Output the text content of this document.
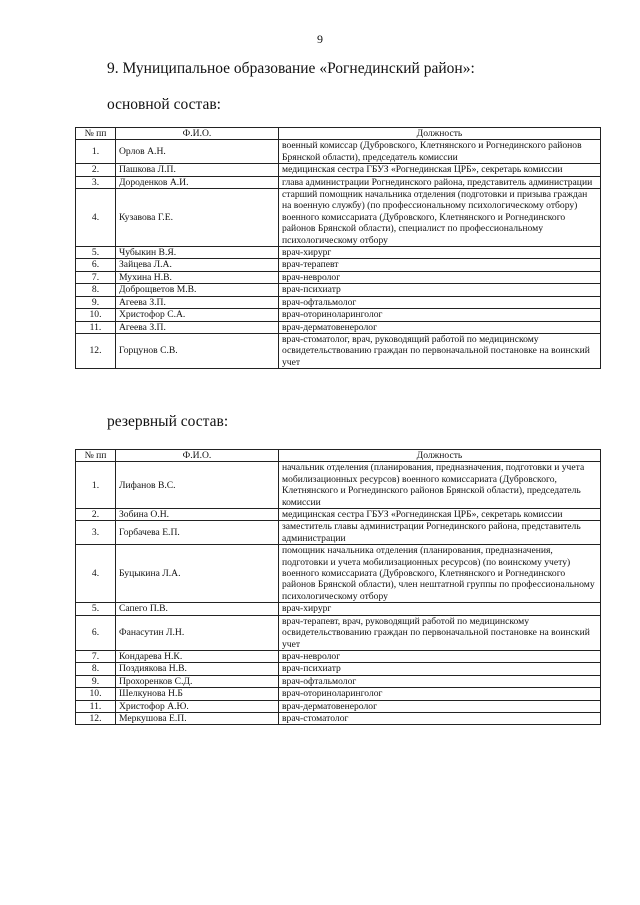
9
9. Муниципальное образование «Рогнединский район»:
основной состав:
№ пп	Ф.И.О.	Должность
1.	Орлов А.Н.	военный комиссар (Дубровского, Клетнянского и Рогнединского районов Брянской области), председатель комиссии
2.	Пашкова Л.П.	медицинская сестра ГБУЗ «Рогнединская ЦРБ», секретарь комиссии
3.	Дороденков А.И.	глава администрации Рогнединского района, представитель администрации
4.	Кузавова Г.Е.	старший помощник начальника отделения (подготовки и призыва граждан на военную службу) (по профессиональному психологическому отбору) военного комиссариата (Дубровского, Клетнянского и Рогнединского районов Брянской области), специалист по профессиональному психологическому отбору
5.	Чубыкин В.Я.	врач-хирург
6.	Зайцева Л.А.	врач-терапевт
7.	Мухина Н.В.	врач-невролог
8.	Доброщветов М.В.	врач-психиатр
9.	Агеева З.П.	врач-офтальмолог
10.	Христофор С.А.	врач-оториноларинголог
11.	Агеева З.П.	врач-дерматовенеролог
12.	Горцунов С.В.	врач-стоматолог, врач, руководящий работой по медицинскому освидетельствованию граждан по первоначальной постановке на воинский учет
резервный состав:
№ пп	Ф.И.О.	Должность
1.	Лифанов В.С.	начальник отделения (планирования, предназначения, подготовки и учета мобилизационных ресурсов) военного комиссариата (Дубровского, Клетнянского и Рогнединского районов Брянской области), председатель комиссии
2.	Зобина О.Н.	медицинская сестра ГБУЗ «Рогнединская ЦРБ», секретарь комиссии
3.	Горбачева Е.П.	заместитель главы администрации Рогнединского района, представитель администрации
4.	Буцыкина Л.А.	помощник начальника отделения (планирования, предназначения, подготовки и учета мобилизационных ресурсов) (по воинскому учету) военного комиссариата (Дубровского, Клетнянского и Рогнединского районов Брянской области), член нештатной группы по профессиональному психологическому отбору
5.	Сапего П.В.	врач-хирург
6.	Фанасутин Л.Н.	врач-терапевт, врач, руководящий работой по медицинскому освидетельствованию граждан по первоначальной постановке на воинский учет
7.	Кондарева Н.К.	врач-невролог
8.	Поздиякова Н.В.	врач-психиатр
9.	Прохоренков С.Д.	врач-офтальмолог
10.	Шелкунова Н.Б	врач-оториноларинголог
11.	Христофор А.Ю.	врач-дерматовенеролог
12.	Меркушова Е.П.	врач-стоматолог
